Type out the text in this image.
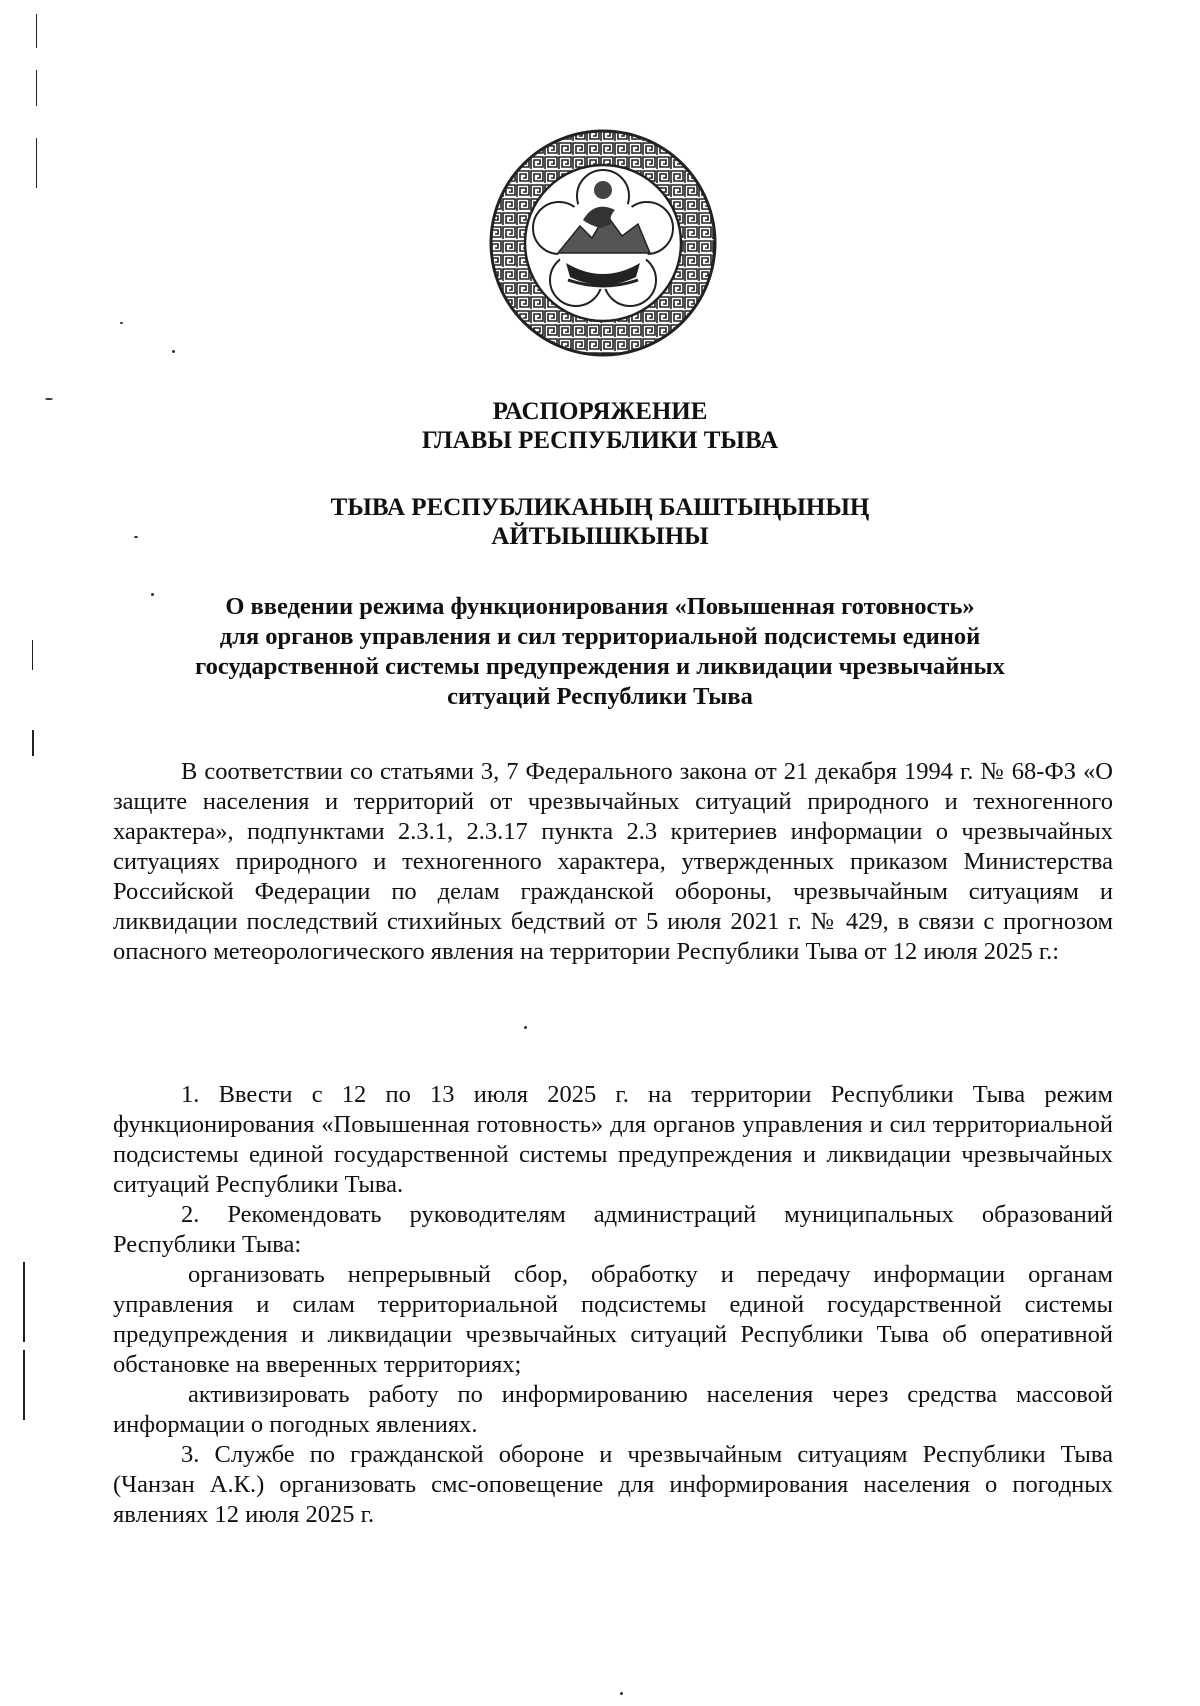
РАСПОРЯЖЕНИЕ
ГЛАВЫ РЕСПУБЛИКИ ТЫВА
ТЫВА РЕСПУБЛИКАНЫҢ БАШТЫҢЫНЫҢ
АЙТЫЫШКЫНЫ
О введении режима функционирования «Повышенная готовность»
для органов управления и сил территориальной подсистемы единой
государственной системы предупреждения и ликвидации чрезвычайных
ситуаций Республики Тыва

В соответствии со статьями 3, 7 Федерального закона от 21 декабря 1994 г. № 68-ФЗ «О защите населения и территорий от чрезвычайных ситуаций природного и техногенного характера», подпунктами 2.3.1, 2.3.17 пункта 2.3 критериев информации о чрезвычайных ситуациях природного и техногенного характера, утвержденных приказом Министерства Российской Федерации по делам гражданской обороны, чрезвычайным ситуациям и ликвидации последствий стихийных бедствий от 5 июля 2021 г. № 429, в связи с прогнозом опасного метеорологического явления на территории Республики Тыва от 12 июля 2025 г.:

1. Ввести с 12 по 13 июля 2025 г. на территории Республики Тыва режим функционирования «Повышенная готовность» для органов управления и сил территориальной подсистемы единой государственной системы предупреждения и ликвидации чрезвычайных ситуаций Республики Тыва.

2. Рекомендовать руководителям администраций муниципальных образований Республики Тыва:

организовать непрерывный сбор, обработку и передачу информации органам управления и силам территориальной подсистемы единой государственной системы предупреждения и ликвидации чрезвычайных ситуаций Республики Тыва об оперативной обстановке на вверенных территориях;

активизировать работу по информированию населения через средства массовой информации о погодных явлениях.

3. Службе по гражданской обороне и чрезвычайным ситуациям Республики Тыва (Чанзан А.К.) организовать смс-оповещение для информирования населения о погодных явлениях 12 июля 2025 г.
